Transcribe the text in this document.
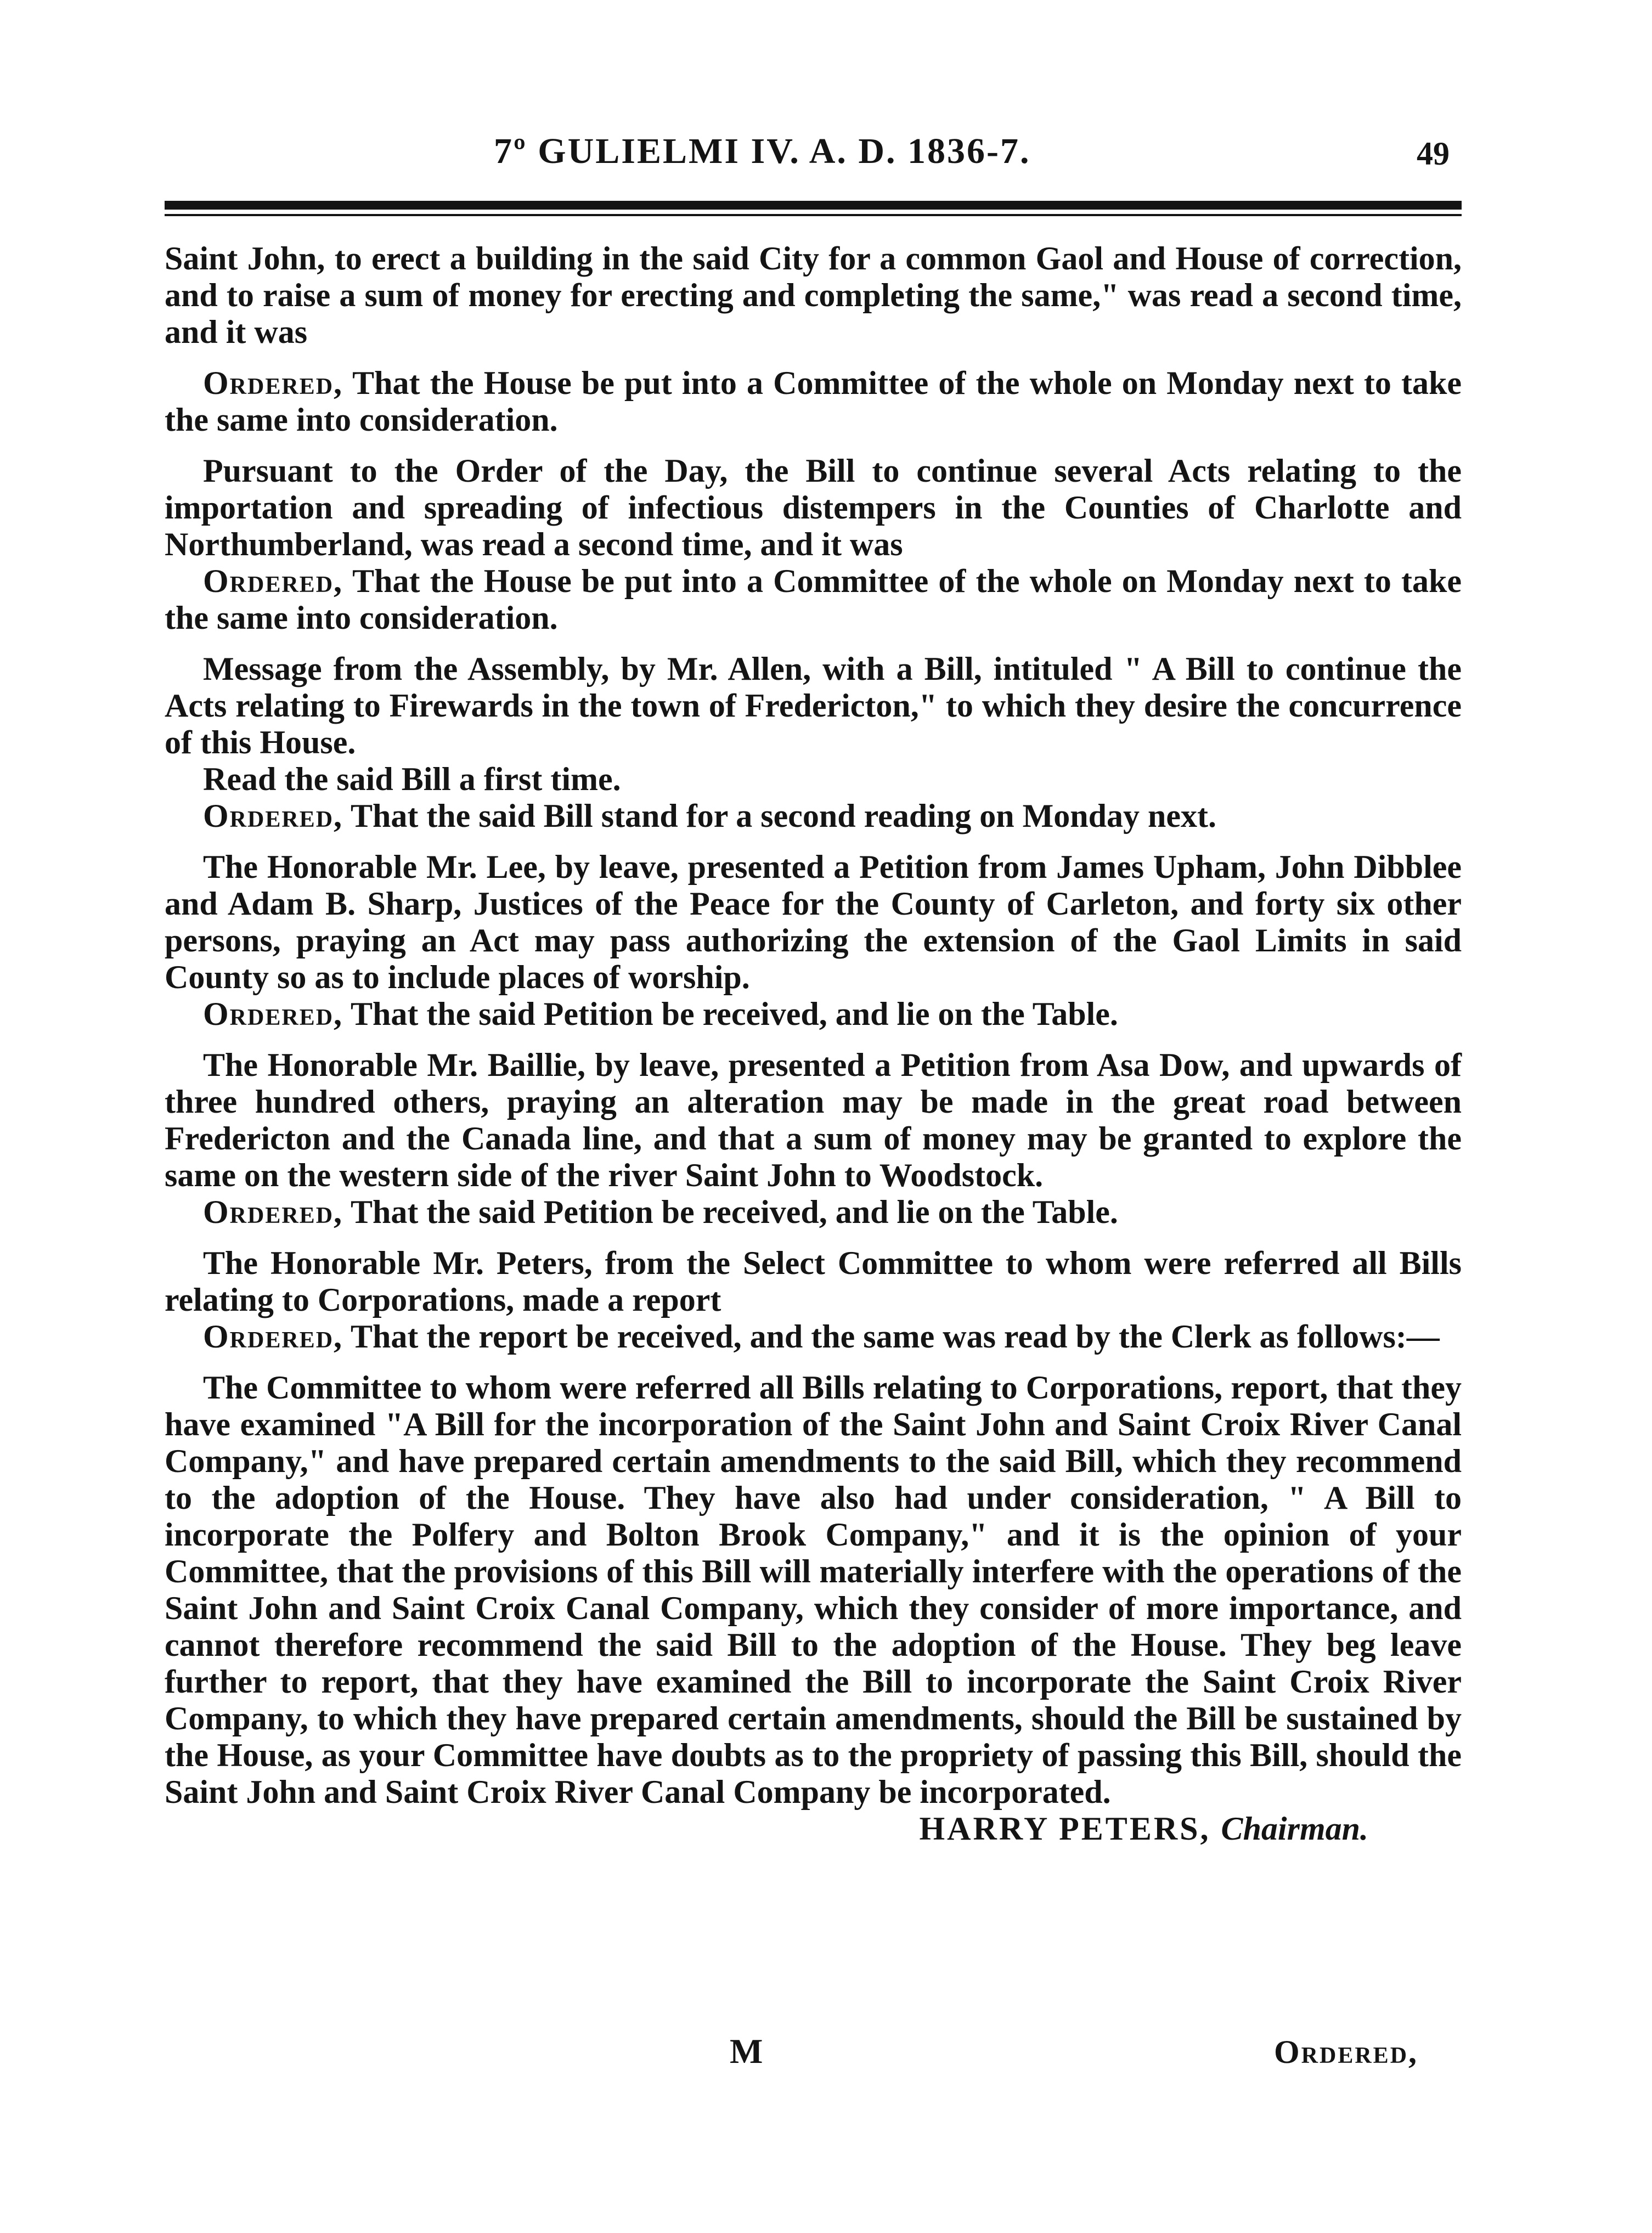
7º GULIELMI IV. A. D. 1836-7.	49

Saint John, to erect a building in the said City for a common Gaol and House of correction, and to raise a sum of money for erecting and completing the same," was read a second time, and it was

Ordered, That the House be put into a Committee of the whole on Monday next to take the same into consideration.

Pursuant to the Order of the Day, the Bill to continue several Acts relating to the importation and spreading of infectious distempers in the Counties of Charlotte and Northumberland, was read a second time, and it was

Ordered, That the House be put into a Committee of the whole on Monday next to take the same into consideration.

Message from the Assembly, by Mr. Allen, with a Bill, intituled " A Bill to continue the Acts relating to Firewards in the town of Fredericton," to which they desire the concurrence of this House.

Read the said Bill a first time.

Ordered, That the said Bill stand for a second reading on Monday next.

The Honorable Mr. Lee, by leave, presented a Petition from James Upham, John Dibblee and Adam B. Sharp, Justices of the Peace for the County of Carleton, and forty six other persons, praying an Act may pass authorizing the extension of the Gaol Limits in said County so as to include places of worship.

Ordered, That the said Petition be received, and lie on the Table.

The Honorable Mr. Baillie, by leave, presented a Petition from Asa Dow, and upwards of three hundred others, praying an alteration may be made in the great road between Fredericton and the Canada line, and that a sum of money may be granted to explore the same on the western side of the river Saint John to Woodstock.

Ordered, That the said Petition be received, and lie on the Table.

The Honorable Mr. Peters, from the Select Committee to whom were referred all Bills relating to Corporations, made a report

Ordered, That the report be received, and the same was read by the Clerk as follows:—

The Committee to whom were referred all Bills relating to Corporations, report, that they have examined "A Bill for the incorporation of the Saint John and Saint Croix River Canal Company," and have prepared certain amendments to the said Bill, which they recommend to the adoption of the House. They have also had under consideration, " A Bill to incorporate the Polfery and Bolton Brook Company," and it is the opinion of your Committee, that the provisions of this Bill will materially interfere with the operations of the Saint John and Saint Croix Canal Company, which they consider of more importance, and cannot therefore recommend the said Bill to the adoption of the House. They beg leave further to report, that they have examined the Bill to incorporate the Saint Croix River Company, to which they have prepared certain amendments, should the Bill be sustained by the House, as your Committee have doubts as to the propriety of passing this Bill, should the Saint John and Saint Croix River Canal Company be incorporated.

HARRY PETERS, Chairman.

M	Ordered,
